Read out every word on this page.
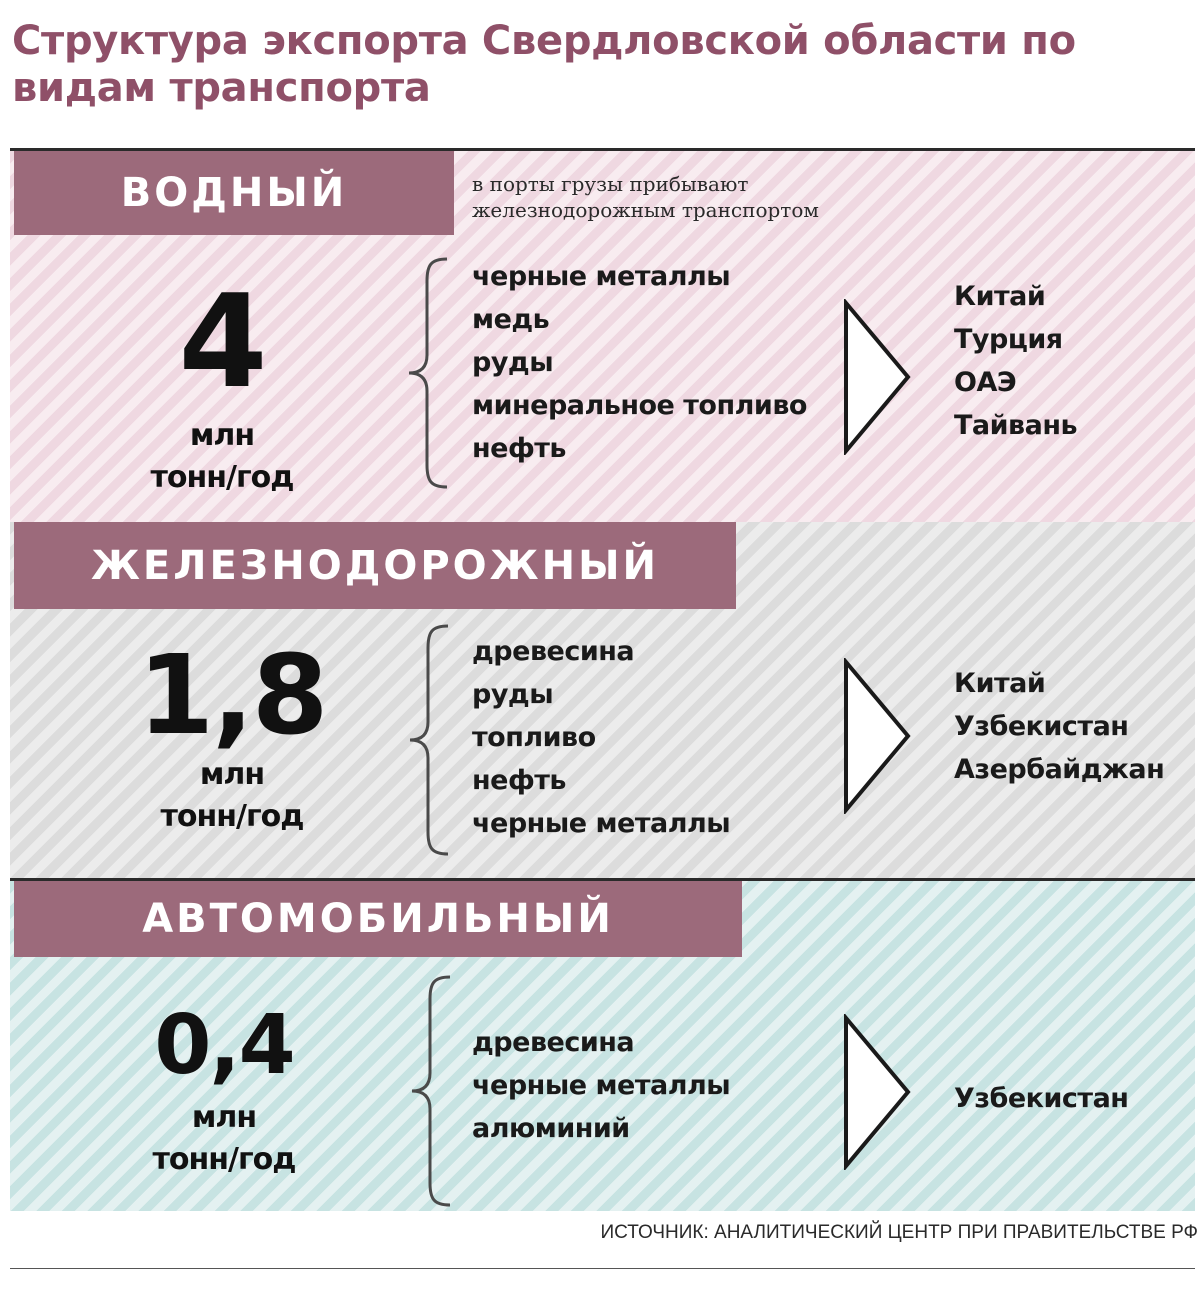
Структура экспорта Свердловской области по видам транспорта
ВОДНЫЙ	в порты грузы прибывают
железнодорожным транспортом

4
млн
тонн/год
черные металлы
медь
руды
минеральное топливо
нефть
Китай
Турция
ОАЭ
Тайвань
ЖЕЛЕЗНОДОРОЖНЫЙ
1,8
млн
тонн/год
древесина
руды
топливо
нефть
черные металлы
Китай
Узбекистан
Азербайджан
АВТОМОБИЛЬНЫЙ
0,4
млн
тонн/год
древесина
черные металлы
алюминий
Узбекистан

ИСТОЧНИК: АНАЛИТИЧЕСКИЙ ЦЕНТР ПРИ ПРАВИТЕЛЬСТВЕ РФ
